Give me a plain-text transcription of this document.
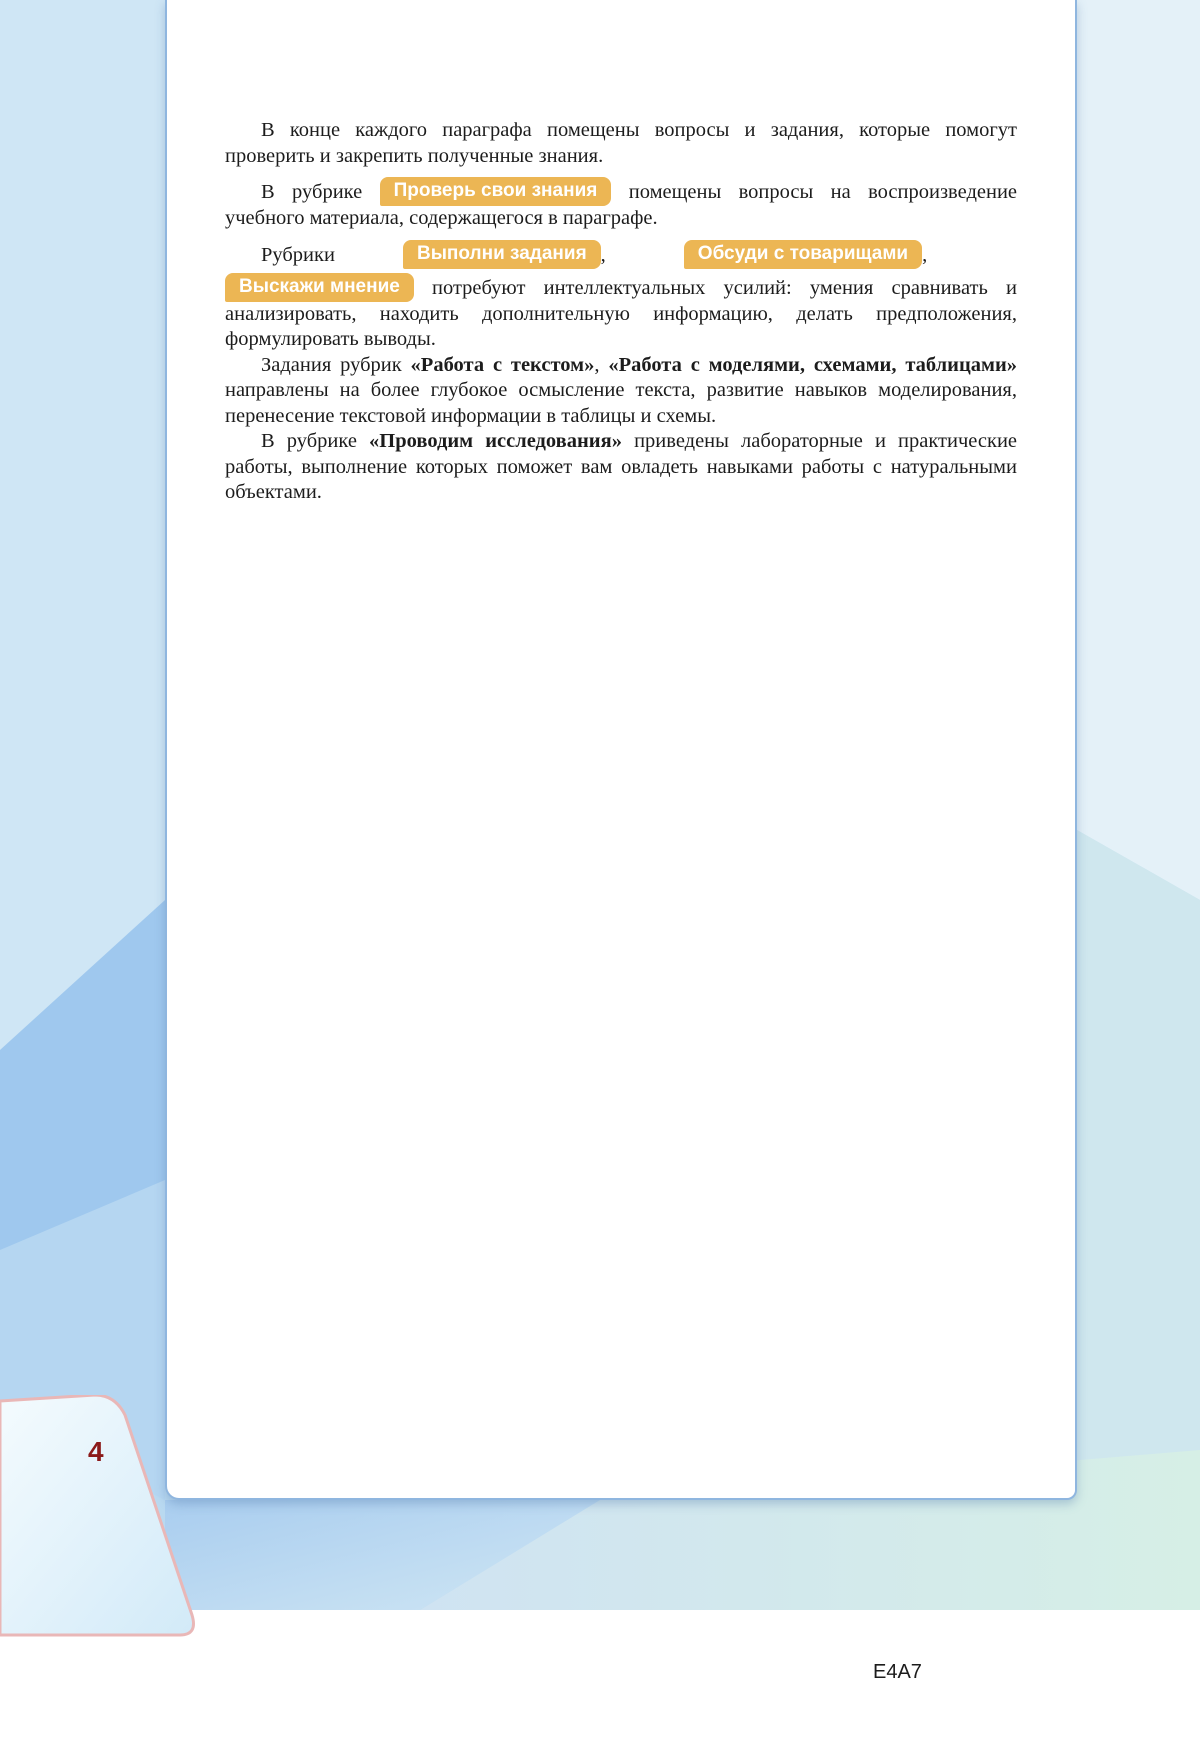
В конце каждого параграфа помещены вопросы и задания, которые помогут проверить и закрепить полученные знания.

В рубрике Проверь свои знания помещены вопросы на воспроизведение учебного материала, содержащегося в параграфе.

Рубрики	Выполни задания ,	Обсуди с товарищами ,
Выскажи мнение потребуют интеллектуальных усилий: умения сравнивать и анализировать, находить дополнительную информацию, делать предположения, формулировать выводы.

Задания рубрик «Работа с текстом», «Работа с моделями, схемами, таблицами» направлены на более глубокое осмысление текста, развитие навыков моделирования, перенесение текстовой информации в таблицы и схемы.

В рубрике «Проводим исследования» приведены лабораторные и практические работы, выполнение которых поможет вам овладеть навыками работы с натуральными объектами.

4
E4A7
